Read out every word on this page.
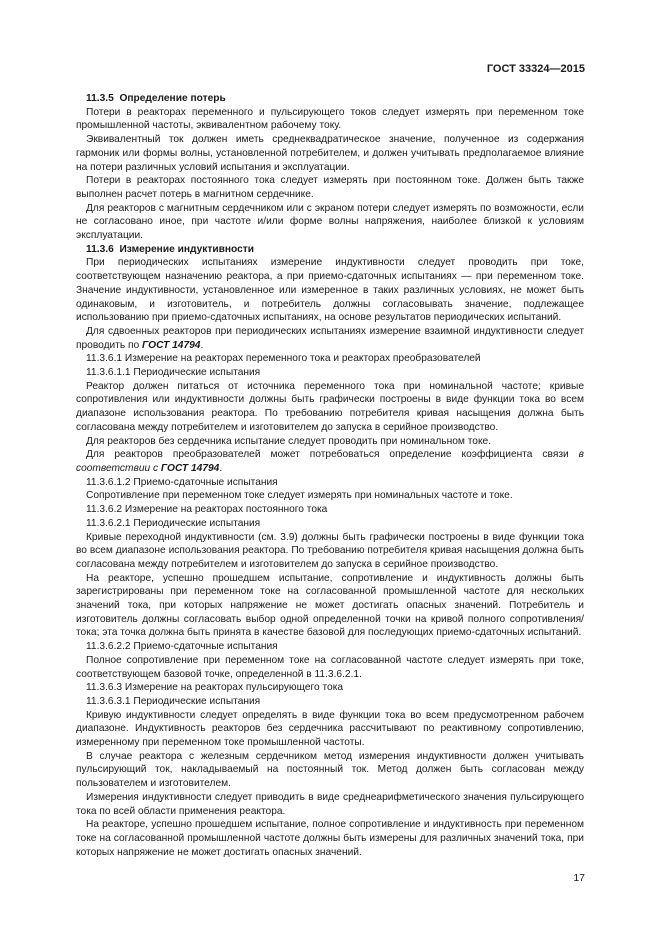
ГОСТ 33324—2015

11.3.5 Определение потерь

Потери в реакторах переменного и пульсирующего токов следует измерять при переменном токе промышленной частоты, эквивалентном рабочему току.

Эквивалентный ток должен иметь среднеквадратическое значение, полученное из содержания гармоник или формы волны, установленной потребителем, и должен учитывать предполагаемое влияние на потери различных условий испытания и эксплуатации.

Потери в реакторах постоянного тока следует измерять при постоянном токе. Должен быть также выполнен расчет потерь в магнитном сердечнике.

Для реакторов с магнитным сердечником или с экраном потери следует измерять по возможности, если не согласовано иное, при частоте и/или форме волны напряжения, наиболее близкой к условиям эксплуатации.

11.3.6 Измерение индуктивности

При периодических испытаниях измерение индуктивности следует проводить при токе, соответствующем назначению реактора, а при приемо-сдаточных испытаниях — при переменном токе. Значение индуктивности, установленное или измеренное в таких различных условиях, не может быть одинаковым, и изготовитель, и потребитель должны согласовывать значение, подлежащее использованию при приемо-сдаточных испытаниях, на основе результатов периодических испытаний.

Для сдвоенных реакторов при периодических испытаниях измерение взаимной индуктивности следует проводить по ГОСТ 14794.

11.3.6.1 Измерение на реакторах переменного тока и реакторах преобразователей

11.3.6.1.1 Периодические испытания

Реактор должен питаться от источника переменного тока при номинальной частоте; кривые сопротивления или индуктивности должны быть графически построены в виде функции тока во всем диапазоне использования реактора. По требованию потребителя кривая насыщения должна быть согласована между потребителем и изготовителем до запуска в серийное производство.

Для реакторов без сердечника испытание следует проводить при номинальном токе.

Для реакторов преобразователей может потребоваться определение коэффициента связи в соответствии с ГОСТ 14794.

11.3.6.1.2 Приемо-сдаточные испытания

Сопротивление при переменном токе следует измерять при номинальных частоте и токе.

11.3.6.2 Измерение на реакторах постоянного тока

11.3.6.2.1 Периодические испытания

Кривые переходной индуктивности (см. 3.9) должны быть графически построены в виде функции тока во всем диапазоне использования реактора. По требованию потребителя кривая насыщения должна быть согласована между потребителем и изготовителем до запуска в серийное производство.

На реакторе, успешно прошедшем испытание, сопротивление и индуктивность должны быть зарегистрированы при переменном токе на согласованной промышленной частоте для нескольких значений тока, при которых напряжение не может достигать опасных значений. Потребитель и изготовитель должны согласовать выбор одной определенной точки на кривой полного сопротивления/тока; эта точка должна быть принята в качестве базовой для последующих приемо-сдаточных испытаний.

11.3.6.2.2 Приемо-сдаточные испытания

Полное сопротивление при переменном токе на согласованной частоте следует измерять при токе, соответствующем базовой точке, определенной в 11.3.6.2.1.

11.3.6.3 Измерение на реакторах пульсирующего тока

11.3.6.3.1 Периодические испытания

Кривую индуктивности следует определять в виде функции тока во всем предусмотренном рабочем диапазоне. Индуктивность реакторов без сердечника рассчитывают по реактивному сопротивлению, измеренному при переменном токе промышленной частоты.

В случае реактора с железным сердечником метод измерения индуктивности должен учитывать пульсирующий ток, накладываемый на постоянный ток. Метод должен быть согласован между пользователем и изготовителем.

Измерения индуктивности следует приводить в виде среднеарифметического значения пульсирующего тока по всей области применения реактора.

На реакторе, успешно прошедшем испытание, полное сопротивление и индуктивность при переменном токе на согласованной промышленной частоте должны быть измерены для различных значений тока, при которых напряжение не может достигать опасных значений.

17
